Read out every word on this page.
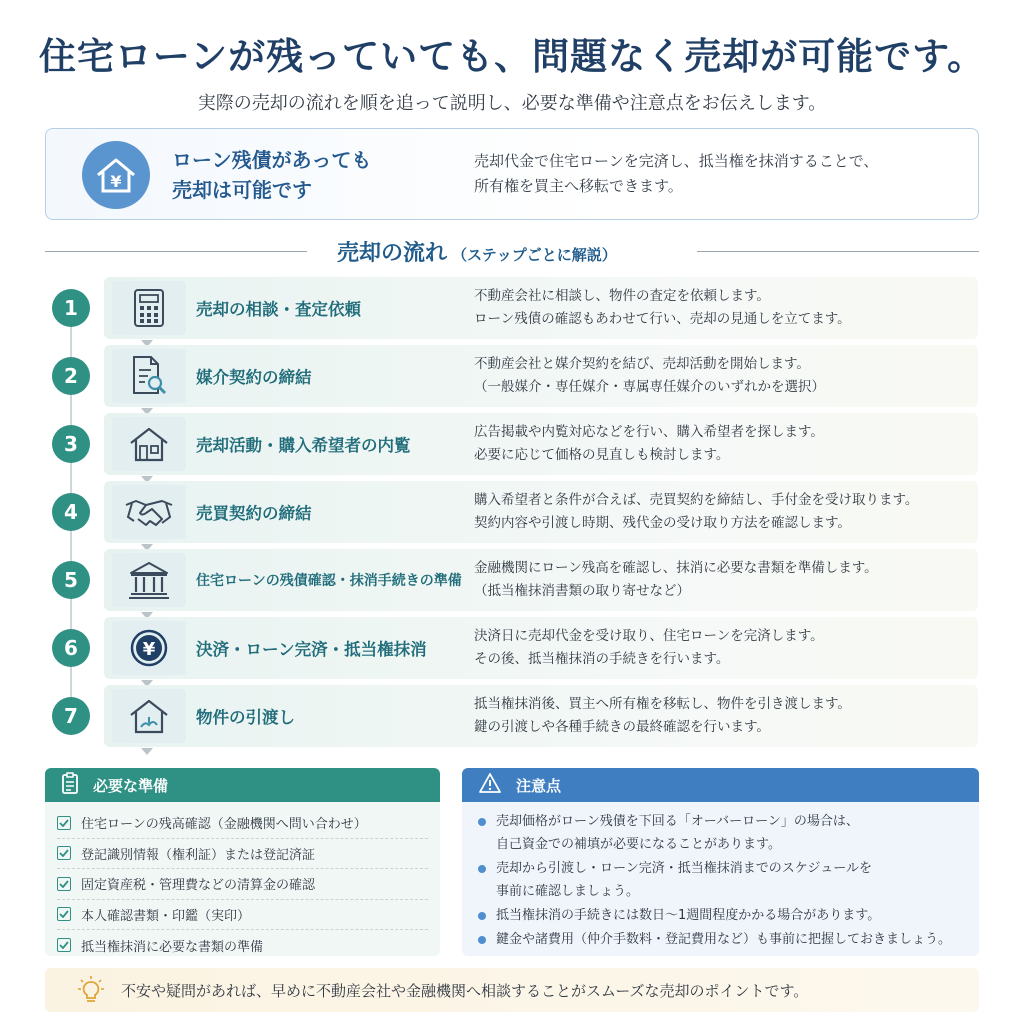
住宅ローンが残っていても、問題なく売却が可能です。
実際の売却の流れを順を追って説明し、必要な準備や注意点をお伝えします。
¥
ローン残債があっても
売却は可能です
売却代金で住宅ローンを完済し、抵当権を抹消することで、
所有権を買主へ移転できます。
売却の流れ （ステップごとに解説）
1	売却の相談・査定依頼
不動産会社に相談し、物件の査定を依頼します。
ローン残債の確認もあわせて行い、売却の見通しを立てます。
2	媒介契約の締結
不動産会社と媒介契約を結び、売却活動を開始します。
（一般媒介・専任媒介・専属専任媒介のいずれかを選択）
3	売却活動・購入希望者の内覧
広告掲載や内覧対応などを行い、購入希望者を探します。
必要に応じて価格の見直しも検討します。
4	売買契約の締結
購入希望者と条件が合えば、売買契約を締結し、手付金を受け取ります。
契約内容や引渡し時期、残代金の受け取り方法を確認します。
5	住宅ローンの残債確認・抹消手続きの準備
金融機関にローン残高を確認し、抹消に必要な書類を準備します。
（抵当権抹消書類の取り寄せなど）
6	¥ 決済・ローン完済・抵当権抹消
決済日に売却代金を受け取り、住宅ローンを完済します。
その後、抵当権抹消の手続きを行います。
7	物件の引渡し
抵当権抹消後、買主へ所有権を移転し、物件を引き渡します。
鍵の引渡しや各種手続きの最終確認を行います。
必要な準備
住宅ローンの残高確認（金融機関へ問い合わせ）
登記識別情報（権利証）または登記済証
固定資産税・管理費などの清算金の確認
本人確認書類・印鑑（実印）
抵当権抹消に必要な書類の準備
注意点
売却価格がローン残債を下回る「オーバーローン」の場合は、
自己資金での補填が必要になることがあります。
売却から引渡し・ローン完済・抵当権抹消までのスケジュールを
事前に確認しましょう。
抵当権抹消の手続きには数日〜1週間程度かかる場合があります。
鍵金や諸費用（仲介手数料・登記費用など）も事前に把握しておきましょう。
不安や疑問があれば、早めに不動産会社や金融機関へ相談することがスムーズな売却のポイントです。
